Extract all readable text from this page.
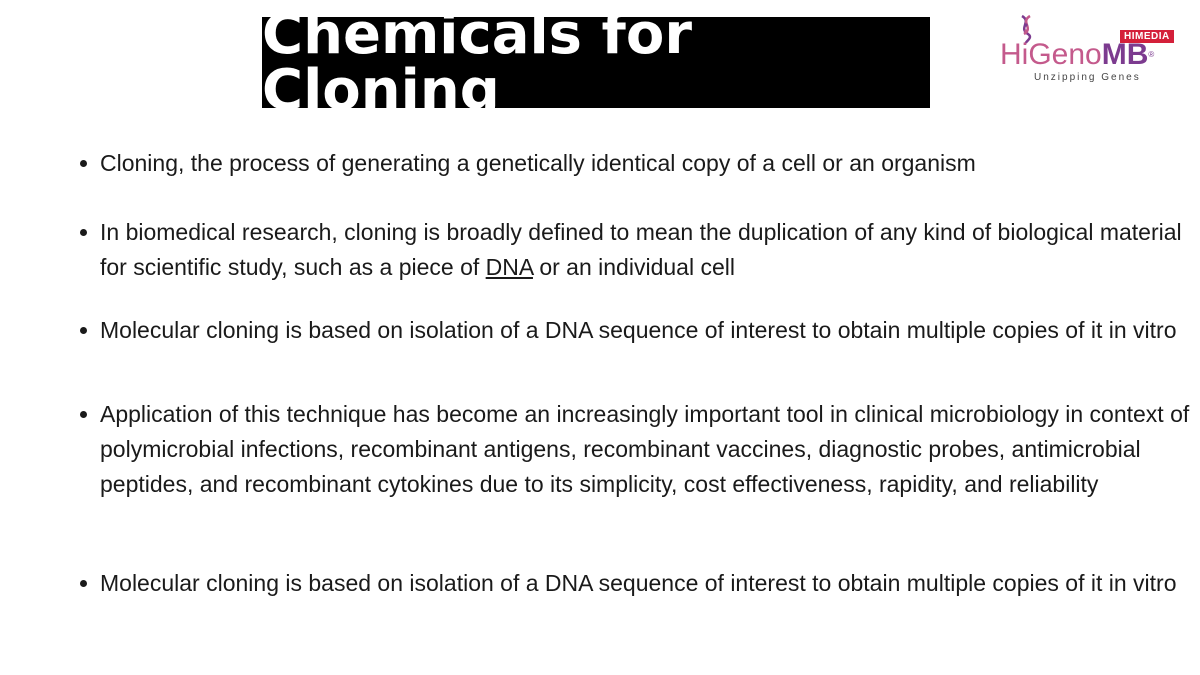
Chemicals for Cloning
HIMEDIA
HiGenoMB®
Unzipping Genes
Cloning, the process of generating a genetically identical copy of a cell or an organism
In biomedical research, cloning is broadly defined to mean the duplication of any kind of biological material for scientific study, such as a piece of DNA or an individual cell
Molecular cloning is based on isolation of a DNA sequence of interest to obtain multiple copies of it in vitro
Application of this technique has become an increasingly important tool in clinical microbiology in context of polymicrobial infections, recombinant antigens, recombinant vaccines, diagnostic probes, antimicrobial peptides, and recombinant cytokines due to its simplicity, cost effectiveness, rapidity, and reliability
Molecular cloning is based on isolation of a DNA sequence of interest to obtain multiple copies of it in vitro
